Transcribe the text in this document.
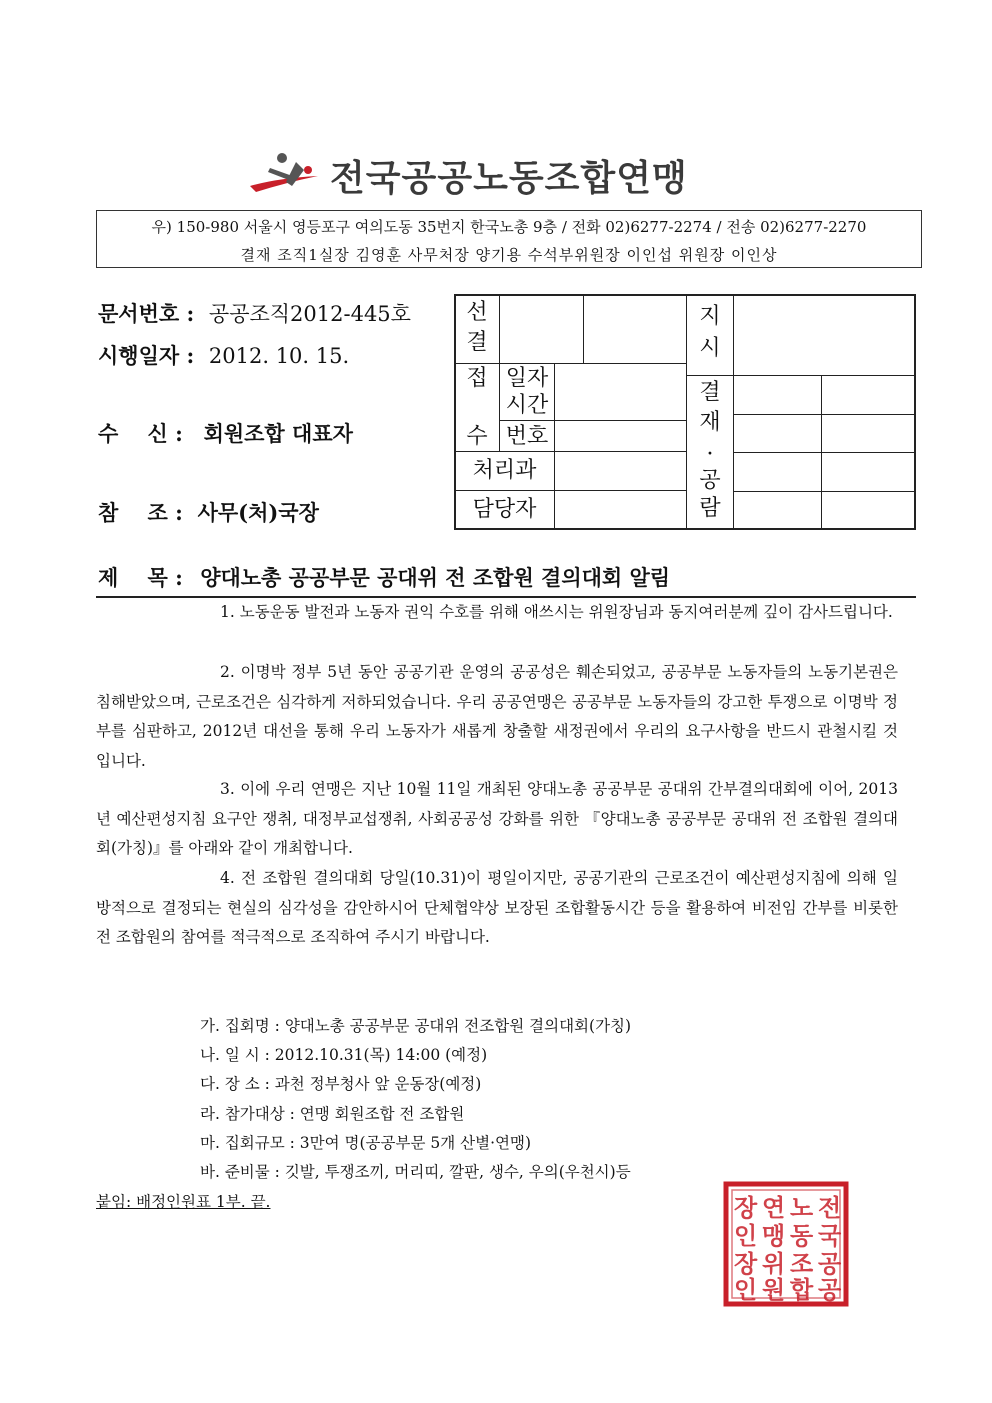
전국공공노동조합연맹
우) 150-980 서울시 영등포구 여의도동 35번지 한국노총 9층 / 전화 02)6277-2274 / 전송 02)6277-2270
결재 조직1실장 김영훈 사무처장 양기용 수석부위원장 이인섭 위원장 이인상
문서번호 : 공공조직2012-445호
시행일자 : 2012. 10. 15.
수    신 : 회원조합 대표자
참    조 : 사무(처)국장
선
결
접
수
일자
시간
번호
처리과
담당자
지
시
결
재
·
공
람
제    목 : 양대노총 공공부문 공대위 전 조합원 결의대회 알림
1. 노동운동 발전과 노동자 권익 수호를 위해 애쓰시는 위원장님과 동지여러분께 깊이 감사드립니다.
2. 이명박 정부 5년 동안 공공기관 운영의 공공성은 훼손되었고, 공공부문 노동자들의 노동기본권은 침해받았으며, 근로조건은 심각하게 저하되었습니다. 우리 공공연맹은 공공부문 노동자들의 강고한 투쟁으로 이명박 정부를 심판하고, 2012년 대선을 통해 우리 노동자가 새롭게 창출할 새정권에서 우리의 요구사항을 반드시 관철시킬 것입니다.
3. 이에 우리 연맹은 지난 10월 11일 개최된 양대노총 공공부문 공대위 간부결의대회에 이어, 2013년 예산편성지침 요구안 쟁취, 대정부교섭쟁취, 사회공공성 강화를 위한 『양대노총 공공부문 공대위 전 조합원 결의대회(가칭)』를 아래와 같이 개최합니다.
4. 전 조합원 결의대회 당일(10.31)이 평일이지만, 공공기관의 근로조건이 예산편성지침에 의해 일방적으로 결정되는 현실의 심각성을 감안하시어 단체협약상 보장된 조합활동시간 등을 활용하여 비전임 간부를 비롯한 전 조합원의 참여를 적극적으로 조직하여 주시기 바랍니다.
가. 집회명 : 양대노총 공공부문 공대위 전조합원 결의대회(가칭)
나. 일 시 : 2012.10.31(목) 14:00 (예정)
다. 장 소 : 과천 정부청사 앞 운동장(예정)
라. 참가대상 : 연맹 회원조합 전 조합원
마. 집회규모 : 3만여 명(공공부문 5개 산별·연맹)
바. 준비물 : 깃발, 투쟁조끼, 머리띠, 깔판, 생수, 우의(우천시)등
붙임: 배정인원표 1부. 끝.	전
국
공
공
노
동
조
합
연
맹
위
원
장
인
장
인
